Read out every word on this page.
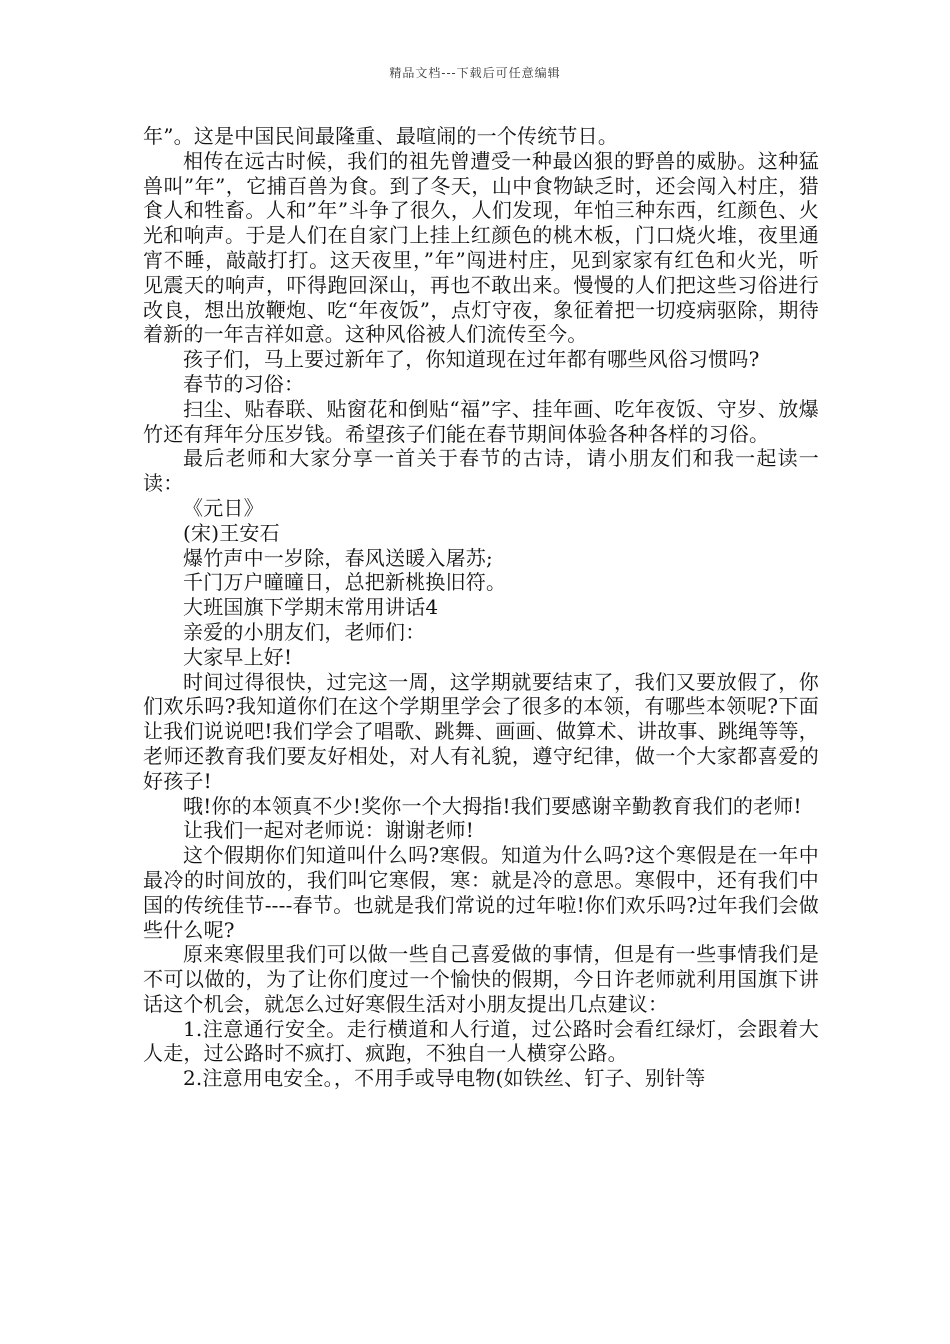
精品文档---下载后可任意编辑

年”。这是中国民间最隆重、最喧闹的一个传统节日。

相传在远古时候，我们的祖先曾遭受一种最凶狠的野兽的威胁。这种猛兽叫”年”，它捕百兽为食。到了冬天，山中食物缺乏时，还会闯入村庄，猎食人和牲畜。人和”年”斗争了很久，人们发现，年怕三种东西，红颜色、火光和响声。于是人们在自家门上挂上红颜色的桃木板，门口烧火堆，夜里通宵不睡，敲敲打打。这天夜里，”年”闯进村庄，见到家家有红色和火光，听见震天的响声，吓得跑回深山，再也不敢出来。慢慢的人们把这些习俗进行改良，想出放鞭炮、吃“年夜饭”，点灯守夜，象征着把一切疫病驱除，期待着新的一年吉祥如意。这种风俗被人们流传至今。

孩子们，马上要过新年了，你知道现在过年都有哪些风俗习惯吗?

春节的习俗：

扫尘、贴春联、贴窗花和倒贴“福”字、挂年画、吃年夜饭、守岁、放爆竹还有拜年分压岁钱。希望孩子们能在春节期间体验各种各样的习俗。

最后老师和大家分享一首关于春节的古诗，请小朋友们和我一起读一读：

《元日》

(宋)王安石

爆竹声中一岁除，春风送暖入屠苏;

千门万户曈曈日，总把新桃换旧符。

大班国旗下学期末常用讲话4

亲爱的小朋友们，老师们：

大家早上好!

时间过得很快，过完这一周，这学期就要结束了，我们又要放假了，你们欢乐吗?我知道你们在这个学期里学会了很多的本领，有哪些本领呢?下面让我们说说吧!我们学会了唱歌、跳舞、画画、做算术、讲故事、跳绳等等，老师还教育我们要友好相处，对人有礼貌，遵守纪律，做一个大家都喜爱的好孩子!

哦!你的本领真不少!奖你一个大拇指!我们要感谢辛勤教育我们的老师!

让我们一起对老师说：谢谢老师!

这个假期你们知道叫什么吗?寒假。知道为什么吗?这个寒假是在一年中最冷的时间放的，我们叫它寒假，寒：就是冷的意思。寒假中，还有我们中国的传统佳节----春节。也就是我们常说的过年啦!你们欢乐吗?过年我们会做些什么呢?

原来寒假里我们可以做一些自己喜爱做的事情，但是有一些事情我们是不可以做的，为了让你们度过一个愉快的假期，今日许老师就利用国旗下讲话这个机会，就怎么过好寒假生活对小朋友提出几点建议：

1.注意通行安全。走行横道和人行道，过公路时会看红绿灯，会跟着大人走，过公路时不疯打、疯跑，不独自一人横穿公路。

2.注意用电安全。，不用手或导电物(如铁丝、钉子、别针等
